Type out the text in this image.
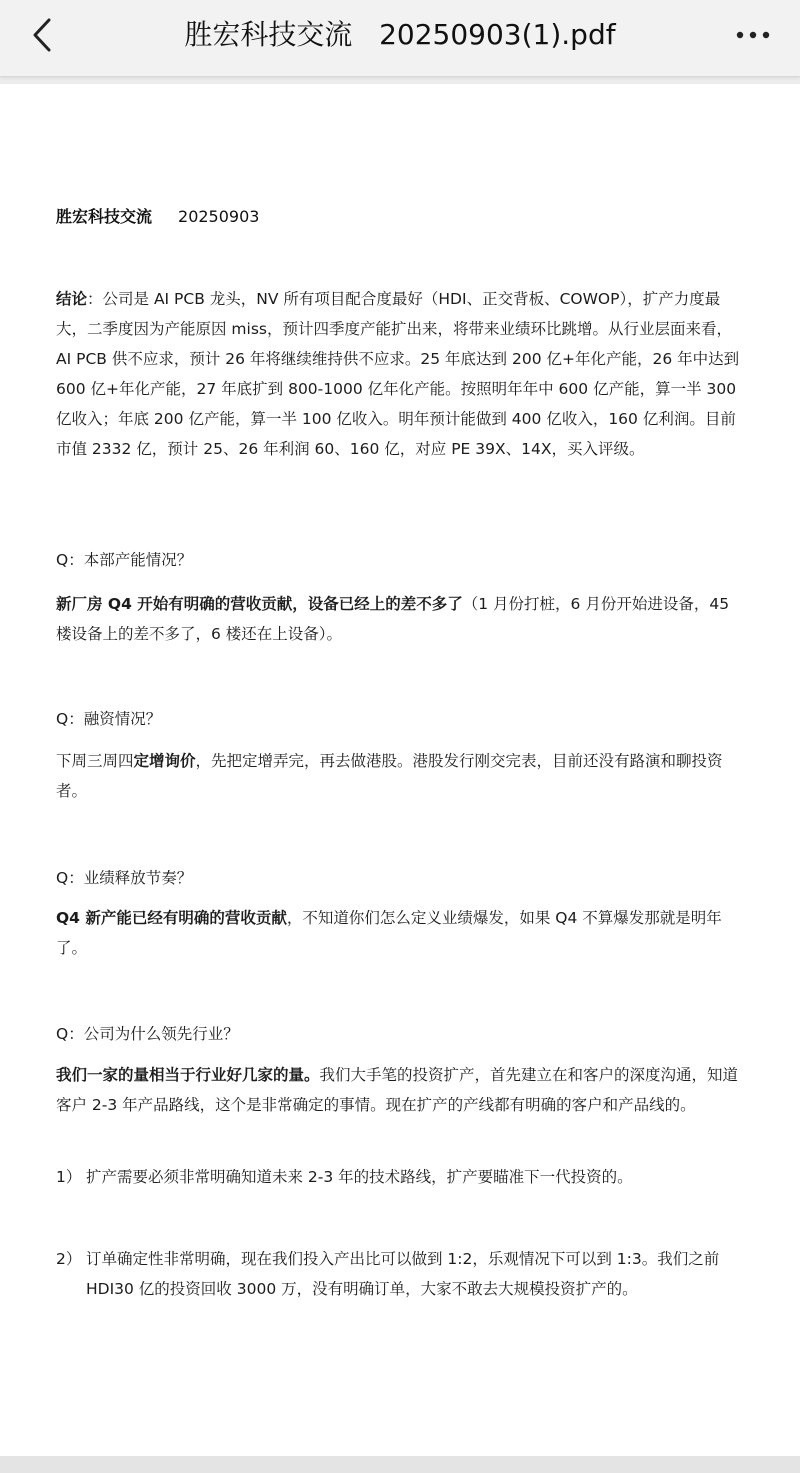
胜宏科技交流   20250903(1).pdf
胜宏科技交流 20250903
结论：公司是 AI PCB 龙头，NV 所有项目配合度最好（HDI、正交背板、COWOP），扩产力度最大，二季度因为产能原因 miss，预计四季度产能扩出来，将带来业绩环比跳增。从行业层面来看，AI PCB 供不应求，预计 26 年将继续维持供不应求。25 年底达到 200 亿+年化产能，26 年中达到 600 亿+年化产能，27 年底扩到 800-1000 亿年化产能。按照明年年中 600 亿产能，算一半 300 亿收入；年底 200 亿产能，算一半 100 亿收入。明年预计能做到 400 亿收入，160 亿利润。目前市值 2332 亿，预计 25、26 年利润 60、160 亿，对应 PE 39X、14X，买入评级。
Q：本部产能情况？
新厂房 Q4 开始有明确的营收贡献，设备已经上的差不多了（1 月份打桩，6 月份开始进设备，45 楼设备上的差不多了，6 楼还在上设备）。
Q：融资情况？
下周三周四定增询价，先把定增弄完，再去做港股。港股发行刚交完表，目前还没有路演和聊投资者。
Q：业绩释放节奏？
Q4 新产能已经有明确的营收贡献，不知道你们怎么定义业绩爆发，如果 Q4 不算爆发那就是明年了。
Q：公司为什么领先行业？
我们一家的量相当于行业好几家的量。我们大手笔的投资扩产，首先建立在和客户的深度沟通，知道客户 2-3 年产品路线，这个是非常确定的事情。现在扩产的产线都有明确的客户和产品线的。
1） 扩产需要必须非常明确知道未来 2-3 年的技术路线，扩产要瞄准下一代投资的。
2） 订单确定性非常明确，现在我们投入产出比可以做到 1:2，乐观情况下可以到 1:3。我们之前 HDI30 亿的投资回收 3000 万，没有明确订单，大家不敢去大规模投资扩产的。
